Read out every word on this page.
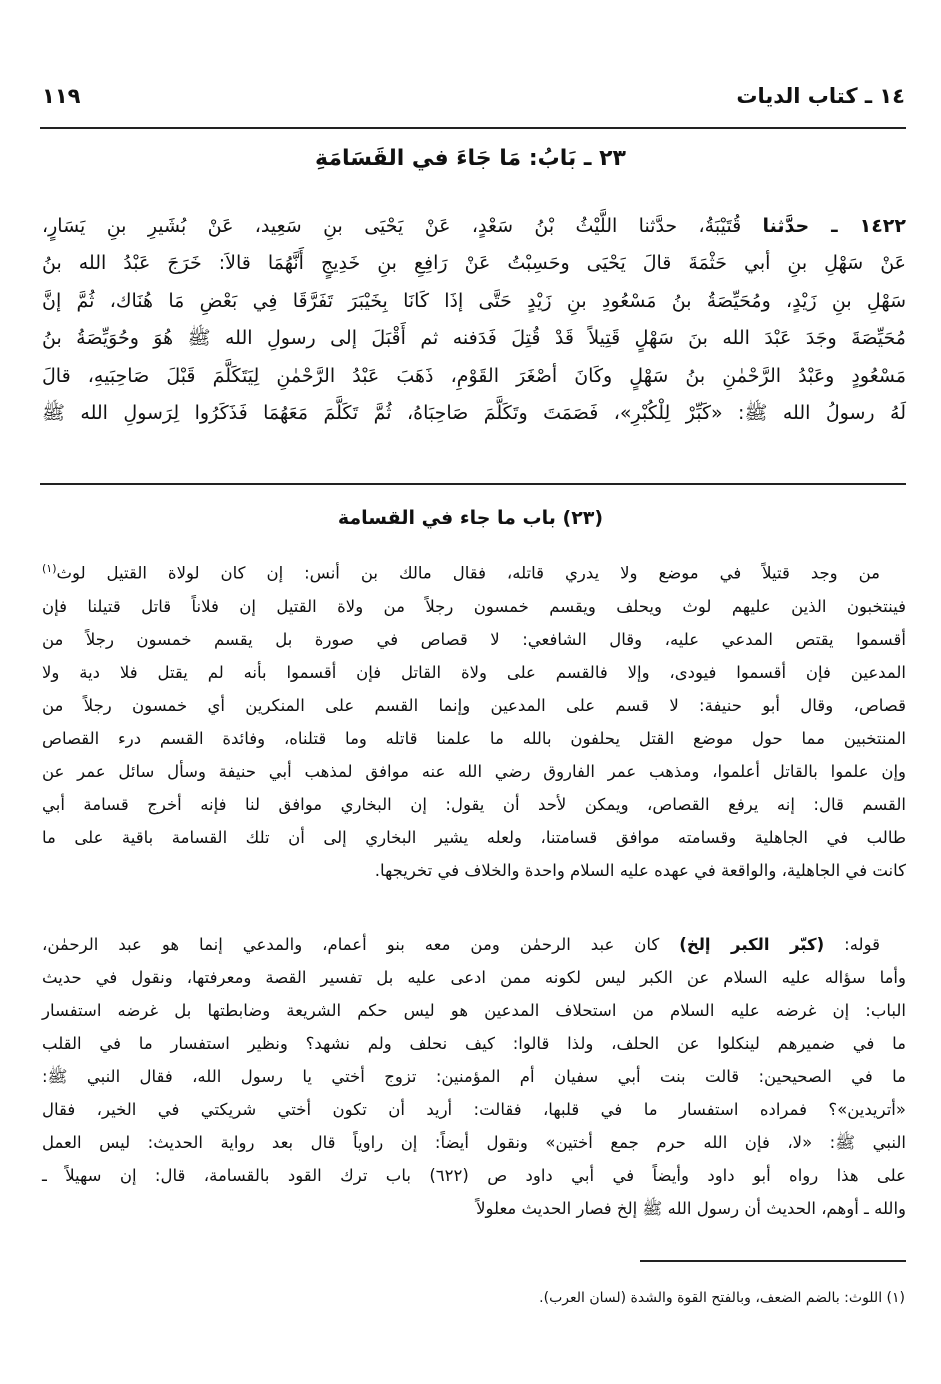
١١٩	١٤ ـ كتاب الديات
٢٣ ـ بَابُ: مَا جَاءَ في القَسَامَةِ
١٤٢٢ ـ حدَّثنا قُتَيْبَةُ، حدَّثنا اللَّيْثُ بْنُ سَعْدٍ، عَنْ يَحْيَى بنِ سَعِيد، عَنْ بُشَيرِ بنِ يَسَارٍ،
عَنْ سَهْلِ بنِ أبي حَثْمَةَ قالَ يَحْيَى وحَسِبْتُ عَنْ رَافِعِ بنِ خَدِيجٍ أَنَّهُمَا قالاَ: خَرَجَ عَبْدُ الله بنُ
سَهْلِ بنِ زَيْدٍ، ومُحَيِّصَةُ بنُ مَسْعُودِ بنِ زَيْدٍ حَتَّى إذَا كَانَا بِخَيْبَرَ تَفَرَّقَا فِي بَعْضِ مَا هُنَاك، ثُمَّ إنَّ
مُحَيِّصَةَ وجَدَ عَبْدَ الله بنَ سَهْلٍ قَتِيلاً قَدْ قُتِلَ فَدَفنه ثم أَقْبَلَ إلى رسولِ الله ﷺ هُوَ وحُوَيِّصَةُ بنُ
مَسْعُودٍ وعَبْدُ الرَّحْمٰنِ بنُ سَهْلٍ وكَانَ أصْغَرَ القَوْمِ، ذَهَبَ عَبْدُ الرَّحْمٰنِ لِيَتَكَلَّمَ قَبْلَ صَاحِبَيهِ، قالَ
لَهُ رسولُ الله ﷺ: «كَبِّرْ لِلْكُبْرِ»، فَصَمَتَ وتَكَلَّمَ صَاحِبَاهُ، ثُمَّ تَكَلَّمَ مَعَهُمَا فَذَكَرُوا لِرَسولِ الله ﷺ
(٢٣) باب ما جاء في القسامة
من وجد قتيلاً في موضع ولا يدري قاتله، فقال مالك بن أنس: إن كان لولاة القتيل لوث$^{(١)}$
فينتخبون الذين عليهم لوث ويحلف ويقسم خمسون رجلاً من ولاة القتيل إن فلاناً قاتل قتيلنا فإن
أقسموا يقتص المدعي عليه، وقال الشافعي: لا قصاص في صورة بل يقسم خمسون رجلاً من
المدعين فإن أقسموا فيودى، وإلا فالقسم على ولاة القاتل فإن أقسموا بأنه لم يقتل فلا دية ولا
قصاص، وقال أبو حنيفة: لا قسم على المدعين وإنما القسم على المنكرين أي خمسون رجلاً من
المنتخبين مما حول موضع القتل يحلفون بالله ما علمنا قاتله وما قتلناه، وفائدة القسم درء القصاص
وإن علموا بالقاتل أعلموا، ومذهب عمر الفاروق رضي الله عنه موافق لمذهب أبي حنيفة وسأل سائل عمر عن
القسم قال: إنه يرفع القصاص، ويمكن لأحد أن يقول: إن البخاري موافق لنا فإنه أخرج قسامة أبي
طالب في الجاهلية وقسامته موافق قسامتنا، ولعله يشير البخاري إلى أن تلك القسامة باقية على ما
كانت في الجاهلية، والواقعة في عهده عليه السلام واحدة والخلاف في تخريجها.
قوله: (كبّر الكبر إلخ) كان عبد الرحمٰن ومن معه بنو أعمام، والمدعي إنما هو عبد الرحمٰن،
وأما سؤاله عليه السلام عن الكبر ليس لكونه ممن ادعى عليه بل تفسير القصة ومعرفتها، ونقول في حديث
الباب: إن غرضه عليه السلام من استحلاف المدعين هو ليس حكم الشريعة وضابطتها بل غرضه استفسار
ما في ضميرهم لينكلوا عن الحلف، ولذا قالوا: كيف نحلف ولم نشهد؟ ونظير استفسار ما في القلب
ما في الصحيحين: قالت بنت أبي سفيان أم المؤمنين: تزوج أختي يا رسول الله، فقال النبي ﷺ:
«أتريدين»؟ فمراده استفسار ما في قلبها، فقالت: أريد أن تكون أختي شريكتي في الخير، فقال
النبي ﷺ: «لا، فإن الله حرم جمع أختين» ونقول أيضاً: إن راوياً قال بعد رواية الحديث: ليس العمل
على هذا رواه أبو داود وأيضاً في أبي داود ص (٦٢٢) باب ترك القود بالقسامة، قال: إن سهيلاً ـ
والله ـ أوهم، الحديث أن رسول الله ﷺ إلخ فصار الحديث معلولاً
(١) اللوث: بالضم الضعف، وبالفتح القوة والشدة (لسان العرب).
